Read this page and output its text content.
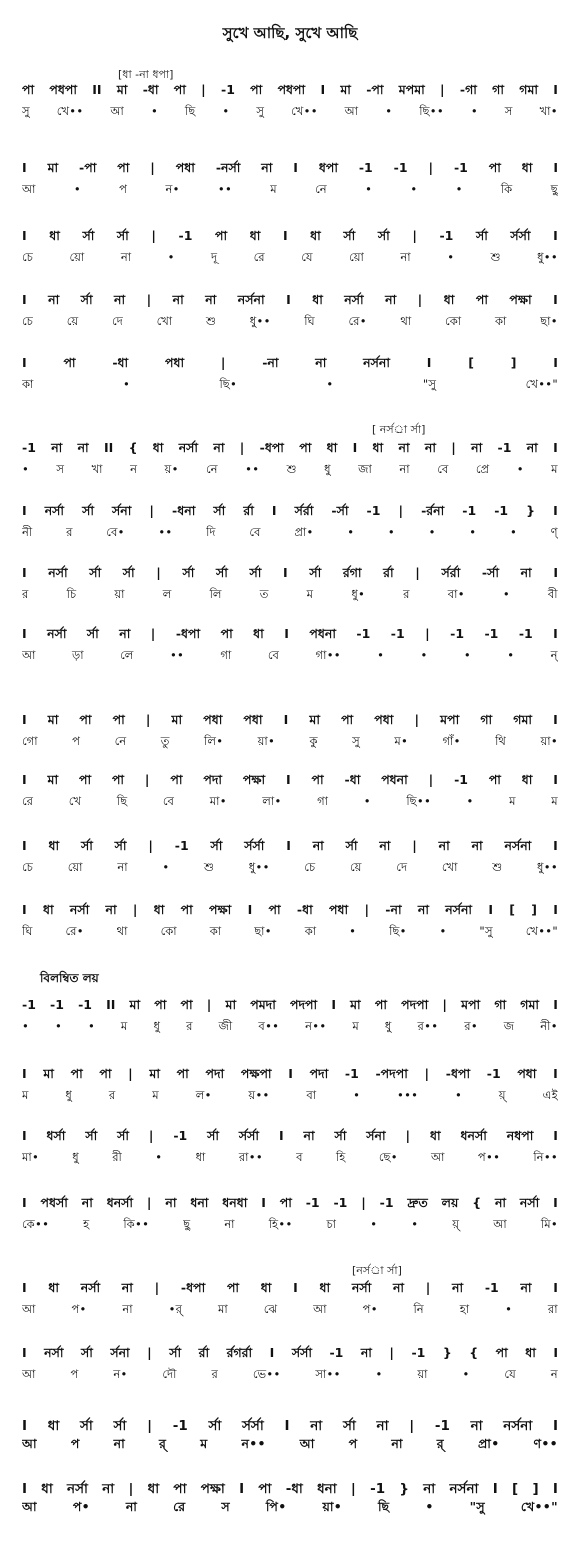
সুখে আছি, সুখে আছি
[ধা -না ধপা]
[ নর্সর্া র্সা]
[নর্সর্া র্সা]
বিলম্বিত লয়
পা পধপা II মা -ধা পা | -1 পা পধপা I মা -পা মপমা | -গা গা গমা I
সু খে•• আ • ছি • সু খে•• আ • ছি•• • স খা•
I মা -পা পা | পধা -নর্সা না I ধপা -1 -1 | -1 পা ধা I
আ	•	প	ন•	••	ম	নে	•	•	•	কি	ছু
I ধা র্সা র্সা | -1 পা ধা I ধা র্সা র্সা | -1 র্সা র্সর্সা I
চে	য়ো	না	•	দূ	রে	যে	য়ো	না	•	শু	ধু••
I না র্সা না | না না নর্সনা I ধা নর্সা না | ধা পা পক্ষা I
চে	য়ে	দে	খো	শু	ধু••	ঘি	রে•	থা	কো	কা	ছা•
I	পা	-ধা	পধা	|	-না	না	নর্সনা	I	[	]	I
কা	•	ছি•	•	"সু	খে••"
-1 না না II { ধা নর্সা না | -ধপা পা ধা I ধা না না | না -1 না I
• স খা ন য়• নে •• শু ধু জা না বে প্রে • ম
I নর্সা র্সা র্সনা | -ধনা র্সা র্রা I র্সর্রা -র্সা -1 | -র্রনা -1 -1 } I
নী	র	বে•	••	দি	বে	প্রা•	•	•	•	•	•	ণ্
I নর্সা র্সা র্সা | র্সা র্সা র্সা I র্সা র্রগা র্রা | র্সর্রা -র্সা না I
র	চি	য়া	ল	লি	ত	ম	ধু•	র	বা•	•	বী
I নর্সা র্সা না | -ধপা পা ধা I পধনা -1 -1 | -1 -1 -1 I
আ	ড়া	লে	••	গা	বে	গা••	•	•	•	•	ন্
I মা পা পা | মা পধা পধা I মা পা পধা | মপা গা গমা I
গো	প	নে	তু	লি•	য়া•	কু	সু	ম•	গাঁ•	থি	য়া•
I মা পা পা | পা পদা পক্ষা I পা -ধা পধনা | -1 পা ধা I
রে	খে	ছি	বে	মা•	লা•	গা	•	ছি••	•	ম	ম
I ধা র্সা র্সা | -1 র্সা র্সর্সা I না র্সা না | না না নর্সনা I
চে	য়ো	না	•	শু	ধু••	চে	য়ে	দে	খো	শু	ধু••
I ধা নর্সা না | ধা পা পক্ষা I পা -ধা পধা | -না না নর্সনা I [ ] I
ঘি	রে•	থা	কো	কা	ছা•	কা	•	ছি•	•	"সু	খে••"
-1 -1 -1 II মা পা পা | মা পমদা পদপা I মা পা পদপা | মপা গা গমা I
• • • ম ধু র জী ব•• ন•• ম ধু র•• র• জ নী•
I মা পা পা | মা পা পদা পক্ষপা I পদা -1 -পদপা | -ধপা -1 পধা I
ম	ধু	র	ম	ল•	য়••	বা	•	•••	•	য়্	এই
I ধর্সা র্সা র্সা | -1 র্সা র্সর্সা I না র্সা র্সনা | ধা ধনর্সা নধপা I
মা•	ধু	রী	•	ধা	রা••	ব	হি	ছে•	আ	প••	নি••
I পধর্সা না ধনর্সা | না ধনা ধনধা I পা -1 -1 | -1 দ্রুত লয় { না নর্সা I
কে••	হ	কি••	ছু	না	হি••	চা	•	•	য়্	আ	মি•
I ধা নর্সা না | -ধপা পা ধা I ধা নর্সা না | না -1 না I
আ	প•	না	•র্	মা	ঝে	আ	প•	নি	হা	•	রা
I নর্সা র্সা র্সনা | র্সা র্রা র্রগর্রা I র্সর্সা -1 না | -1 } { পা ধা I
আ	প	ন•	দৌ	র	ভে••	সা••	•	য়া	•	যে	ন
I ধা র্সা র্সা | -1 র্সা র্সর্সা I না র্সা না | -1 না নর্সনা I
আ	প	না	র্	ম	ন••	আ	প	না	র্	প্রা•	ণ••
I ধা নর্সা না | ধা পা পক্ষা I পা -ধা ধনা | -1 } না নর্সনা I [ ] I
আ	প•	না	রে	স	পি•	য়া•	ছি	•	"সু	খে••"
